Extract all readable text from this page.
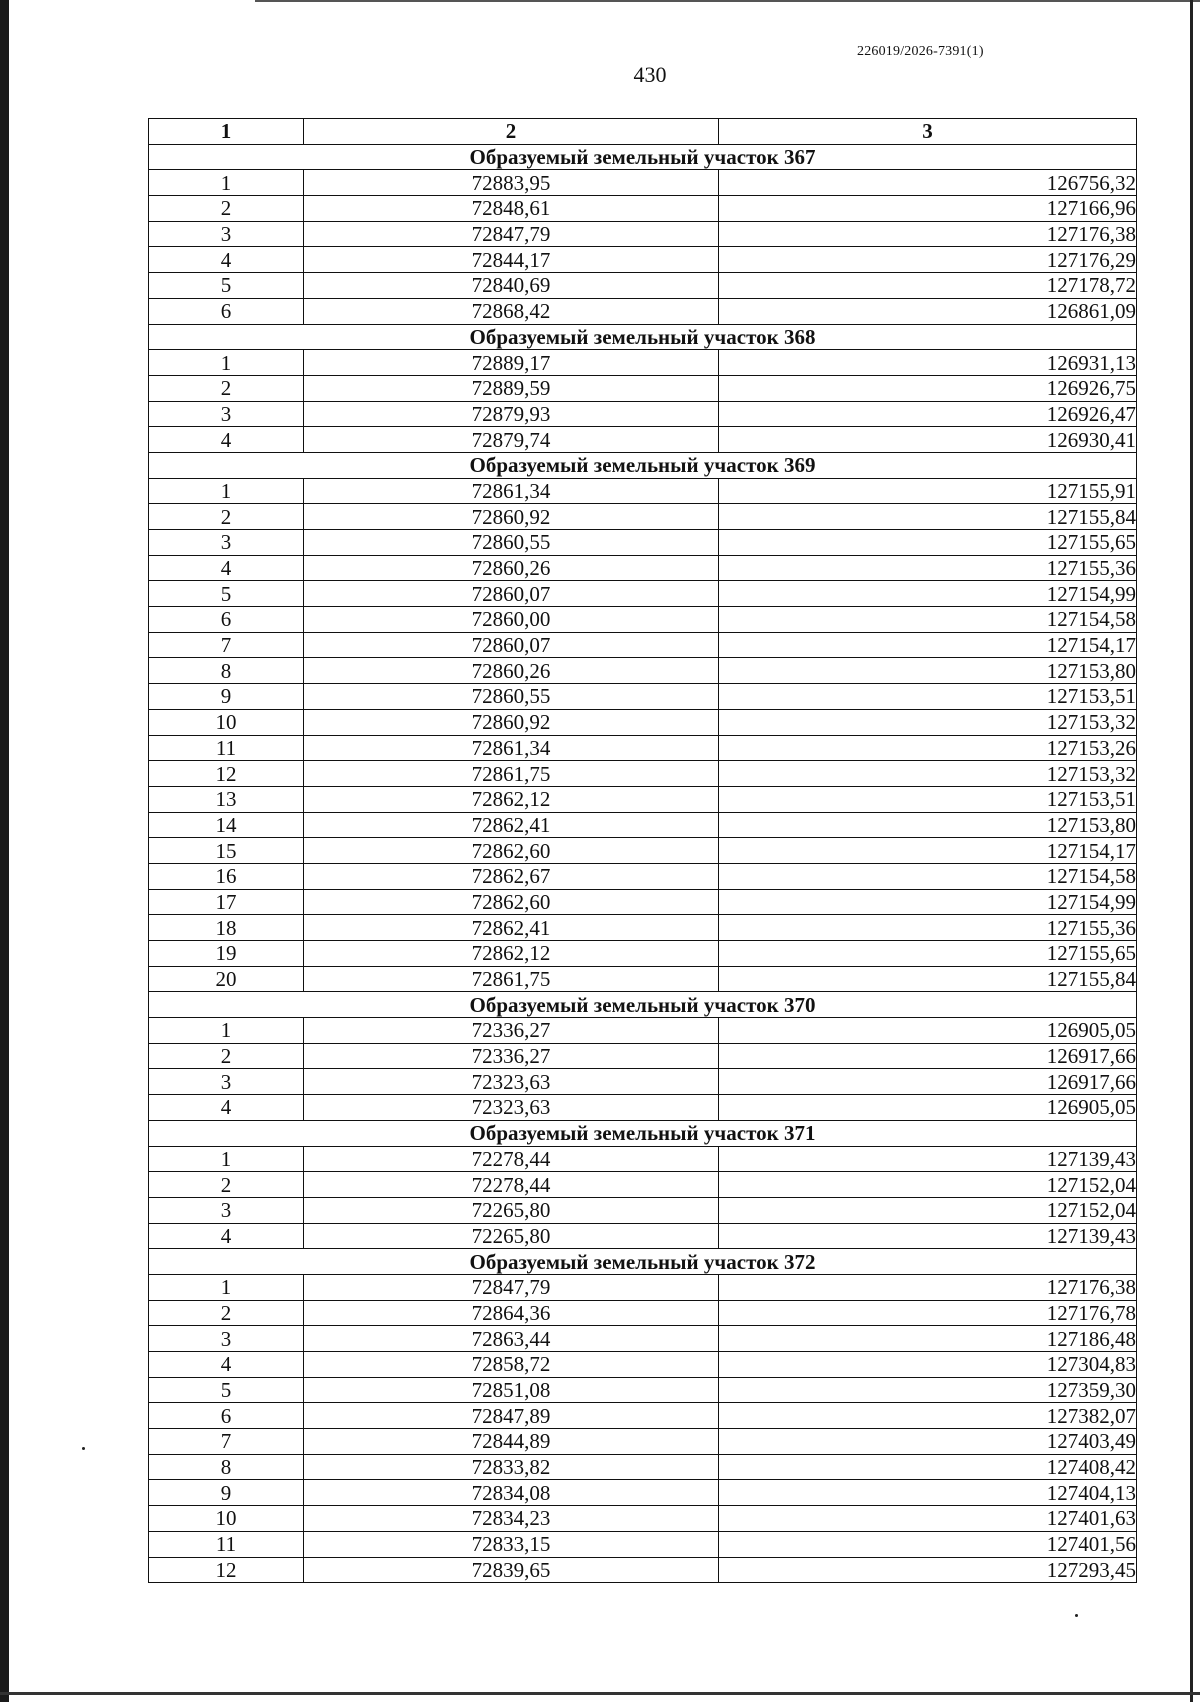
226019/2026-7391(1)
430
1	2	3
Образуемый земельный участок 367		
1	72883,95	126756,32
2	72848,61	127166,96
3	72847,79	127176,38
4	72844,17	127176,29
5	72840,69	127178,72
6	72868,42	126861,09
Образуемый земельный участок 368		
1	72889,17	126931,13
2	72889,59	126926,75
3	72879,93	126926,47
4	72879,74	126930,41
Образуемый земельный участок 369		
1	72861,34	127155,91
2	72860,92	127155,84
3	72860,55	127155,65
4	72860,26	127155,36
5	72860,07	127154,99
6	72860,00	127154,58
7	72860,07	127154,17
8	72860,26	127153,80
9	72860,55	127153,51
10	72860,92	127153,32
11	72861,34	127153,26
12	72861,75	127153,32
13	72862,12	127153,51
14	72862,41	127153,80
15	72862,60	127154,17
16	72862,67	127154,58
17	72862,60	127154,99
18	72862,41	127155,36
19	72862,12	127155,65
20	72861,75	127155,84
Образуемый земельный участок 370		
1	72336,27	126905,05
2	72336,27	126917,66
3	72323,63	126917,66
4	72323,63	126905,05
Образуемый земельный участок 371		
1	72278,44	127139,43
2	72278,44	127152,04
3	72265,80	127152,04
4	72265,80	127139,43
Образуемый земельный участок 372		
1	72847,79	127176,38
2	72864,36	127176,78
3	72863,44	127186,48
4	72858,72	127304,83
5	72851,08	127359,30
6	72847,89	127382,07
7	72844,89	127403,49
8	72833,82	127408,42
9	72834,08	127404,13
10	72834,23	127401,63
11	72833,15	127401,56
12	72839,65	127293,45
